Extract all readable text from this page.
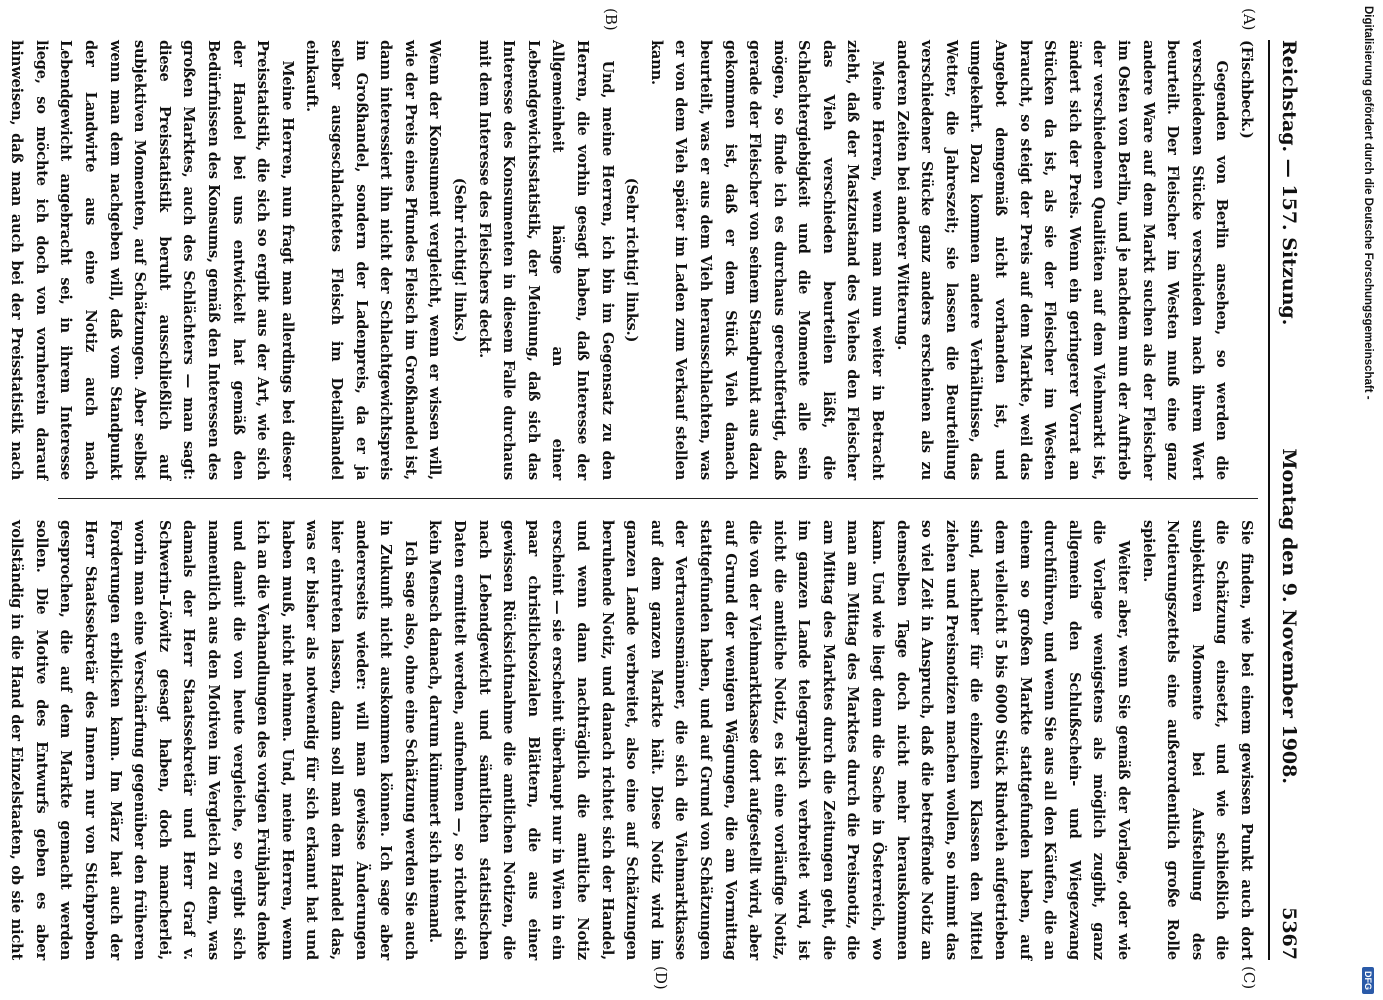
Reichstag. — 157. Sitzung.
Montag den 9. November 1908.
5367
(A)
(B)
(C)
(D)

(Fischbeck.)

Gegenden von Berlin ansehen, so werden die verschiedenen Stücke verschieden nach ihrem Wert beurteilt. Der Fleischer im Westen muß eine ganz andere Ware auf dem Markt suchen als der Fleischer im Osten von Berlin, und je nachdem nun der Auftrieb der verschiedenen Qualitäten auf dem Viehmarkt ist, ändert sich der Preis. Wenn ein geringerer Vorrat an Stücken da ist, als sie der Fleischer im Westen braucht, so steigt der Preis auf dem Markte, weil das Angebot demgemäß nicht vorhanden ist, und umgekehrt. Dazu kommen andere Verhältnisse, das Wetter, die Jahreszeit; sie lassen die Beurteilung verschiedener Stücke ganz anders erscheinen als zu anderen Zeiten bei anderer Witterung.

Meine Herren, wenn man nun weiter in Betracht zieht, daß der Mastzustand des Viehes den Fleischer das Vieh verschieden beurteilen läßt, die Schlachtergiebigkeit und die Momente alle sein mögen, so finde ich es durchaus gerechtfertigt, daß gerade der Fleischer von seinem Standpunkt aus dazu gekommen ist, daß er dem Stück Vieh danach beurteilt, was er aus dem Vieh herausschlachten, was er von dem Vieh später im Laden zum Verkauf stellen kann.

(Sehr richtig! links.)

Und, meine Herren, ich bin im Gegensatz zu den Herren, die vorhin gesagt haben, daß Interesse der Allgemeinheit hänge an einer Lebendgewichtsstatistik, der Meinung, daß sich das Interesse des Konsumenten in diesem Falle durchaus mit dem Interesse des Fleischers deckt.

(Sehr richtig! links.)

Wenn der Konsument vergleicht, wenn er wissen will, wie der Preis eines Pfundes Fleisch im Großhandel ist, dann interessiert ihn nicht der Schlachtgewichtspreis im Großhandel, sondern der Ladenpreis, da er ja selber ausgeschlachtetes Fleisch im Detailhandel einkauft.

Meine Herren, nun fragt man allerdings bei dieser Preisstatistik, die sich so ergibt aus der Art, wie sich der Handel bei uns entwickelt hat gemäß den Bedürfnissen des Konsums, gemäß den Interessen des großen Marktes, auch des Schlächters — man sagt: diese Preisstatistik beruht ausschließlich auf subjektiven Momenten, auf Schätzungen. Aber selbst wenn man dem nachgeben will, daß vom Standpunkt der Landwirte aus eine Notiz auch nach Lebendgewicht angebracht sei, in ihrem Interesse liege, so möchte ich doch von vornherein darauf hinweisen, daß man auch bei der Preisstatistik nach

Sie finden, wie bei einem gewissen Punkt auch dort die Schätzung einsetzt, und wie schließlich die subjektiven Momente bei Aufstellung des Notierungszettels eine außerordentlich große Rolle spielen.

Weiter aber, wenn Sie gemäß der Vorlage, oder wie die Vorlage wenigstens als möglich zugibt, ganz allgemein den Schlußschein- und Wiegezwang durchführen, und wenn Sie aus all den Käufen, die an einem so großen Markte stattgefunden haben, auf dem vielleicht 5 bis 6000 Stück Rindvieh aufgetrieben sind, nachher für die einzelnen Klassen den Mittel ziehen und Preisnotizen machen wollen, so nimmt das so viel Zeit in Anspruch, daß die betreffende Notiz an demselben Tage doch nicht mehr herauskommen kann. Und wie liegt denn die Sache in Österreich, wo man am Mittag des Marktes durch die Preisnotiz, die am Mittag des Marktes durch die Zeitungen geht, die im ganzen Lande telegraphisch verbreitet wird, ist nicht die amtliche Notiz, es ist eine vorläufige Notiz, die von der Viehmarktkasse dort aufgestellt wird, aber auf Grund der wenigen Wägungen, die am Vormittag stattgefunden haben, und auf Grund von Schätzungen der Vertrauensmänner, die sich die Viehmarktkasse auf dem ganzen Markte hält. Diese Notiz wird im ganzen Lande verbreitet, also eine auf Schätzungen beruhende Notiz, und danach richtet sich der Handel, und wenn dann nachträglich die amtliche Notiz erscheint — sie erscheint überhaupt nur in Wien in ein paar christlichsozialen Blättern, die aus einer gewissen Rücksichtnahme die amtlichen Notizen, die nach Lebendgewicht und sämtlichen statistischen Daten ermittelt werden, aufnehmen —, so richtet sich kein Mensch danach, darum kümmert sich niemand.

Ich sage also, ohne eine Schätzung werden Sie auch in Zukunft nicht auskommen können. Ich sage aber andererseits wieder: will man gewisse Änderungen hier eintreten lassen, dann soll man dem Handel das, was er bisher als notwendig für sich erkannt hat und haben muß, nicht nehmen. Und, meine Herren, wenn ich an die Verhandlungen des vorigen Frühjahrs denke und damit die von heute vergleiche, so ergibt sich namentlich aus den Motiven im Vergleich zu dem, was damals der Herr Staatssekretär und Herr Graf v. Schwerin-Löwitz gesagt haben, doch mancherlei, worin man eine Verschärfung gegenüber den früheren Forderungen erblicken kann. Im März hat auch der Herr Staatssekretär des Innern nur von Stichproben gesprochen, die auf dem Markte gemacht werden sollen. Die Motive des Entwurfs geben es aber vollständig in die Hand der Einzelstaaten, ob sie nicht

Digitalisierung gefördert durch die Deutsche Forschungsgemeinschaft -
DFG
